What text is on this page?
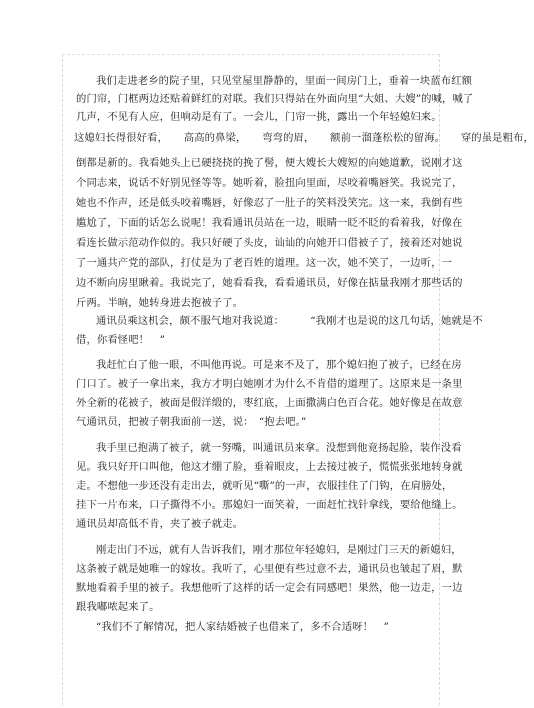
我们走进老乡的院子里，只见堂屋里静静的，里面一间房门上，垂着一块蓝布红额
的门帘，门框两边还贴着鲜红的对联。我们只得站在外面向里“大姐、大嫂”的喊，喊了
几声，不见有人应，但响动是有了。一会儿，门帘一挑，露出一个年轻媳妇来。
这媳妇长得很好看，　　高高的鼻梁，　　弯弯的眉，　　额前一溜蓬松松的留海。　　穿的虽是粗布，
倒都是新的。我看她头上已硬挠挠的挽了髻，便大嫂长大嫂短的向她道歉，说刚才这
个同志来，说话不好别见怪等等。她听着，脸扭向里面，尽咬着嘴唇笑。我说完了，
她也不作声，还是低头咬着嘴唇，好像忍了一肚子的笑料没笑完。这一来，我倒有些
尴尬了，下面的话怎么说呢！我看通讯员站在一边，眼睛一眨不眨的看着我，好像在
看连长做示范动作似的。我只好硬了头皮，讪讪的向她开口借被子了，接着还对她说
了一通共产党的部队，打仗是为了老百姓的道理。这一次，她不笑了，一边听，一
边不断向房里瞅着。我说完了，她看看我，看看通讯员，好像在掂量我刚才那些话的
斤两。半晌，她转身进去抱被子了。
通讯员乘这机会，颇不服气地对我说道：　　　“我刚才也是说的这几句话，她就是不
借，你看怪吧！　”
我赶忙白了他一眼，不叫他再说。可是来不及了，那个媳妇抱了被子，已经在房
门口了。被子一拿出来，我方才明白她刚才为什么不肯借的道理了。这原来是一条里
外全新的花被子，被面是假洋缎的，枣红底，上面撒满白色百合花。她好像是在故意
气通讯员，把被子朝我面前一送，说：　“抱去吧。”
我手里已抱满了被子，就一努嘴，叫通讯员来拿。没想到他竟扬起脸，装作没看
见。我只好开口叫他，他这才绷了脸，垂着眼皮，上去接过被子，慌慌张张地转身就
走。不想他一步还没有走出去，就听见“嘶”的一声，衣服挂住了门钩，在肩膀处，
挂下一片布来，口子撕得不小。那媳妇一面笑着，一面赶忙找针拿线，要给他缝上。
通讯员却高低不肯，夹了被子就走。
刚走出门不远，就有人告诉我们，刚才那位年轻媳妇，是刚过门三天的新媳妇，
这条被子就是她唯一的嫁妆。我听了，心里便有些过意不去，通讯员也皱起了眉，默
默地看着手里的被子。我想他听了这样的话一定会有同感吧！果然，他一边走，一边
跟我嘟哝起来了。
“我们不了解情况，把人家结婚被子也借来了，多不合适呀！　”
